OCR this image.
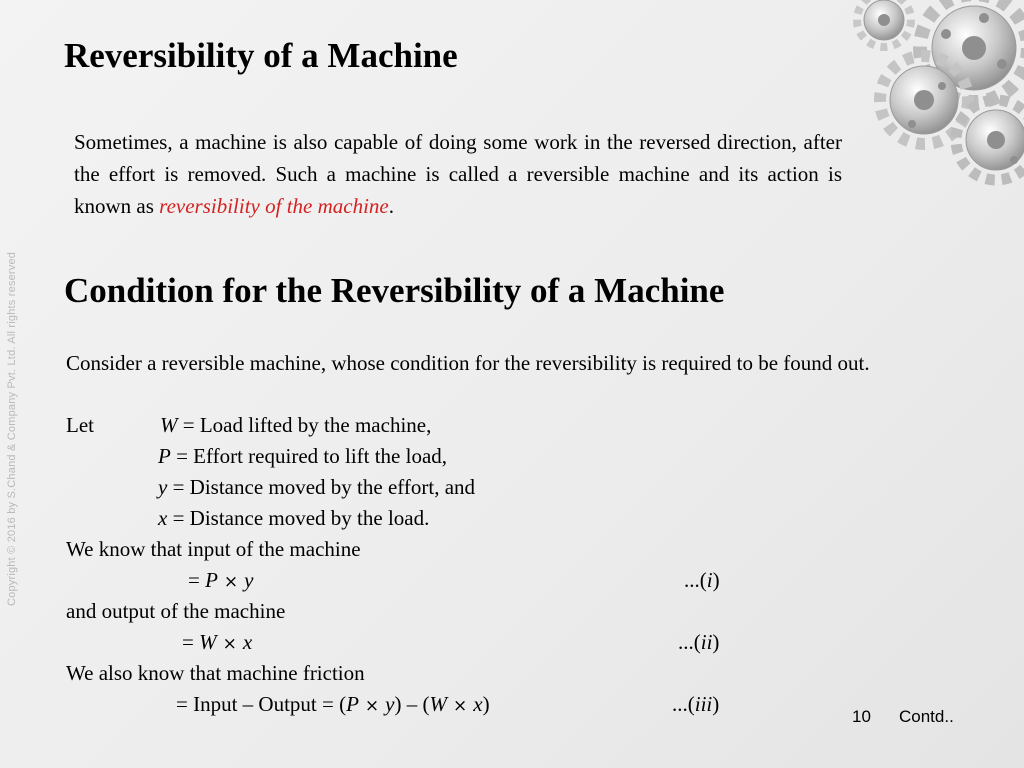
Copyright © 2016 by S.Chand & Company Pvt. Ltd. All rights reserved
Reversibility of a Machine

Sometimes, a machine is also capable of doing some work in the reversed direction, after the effort is removed. Such a machine is called a reversible machine and its action is known as reversibility of the machine.

Condition for the Reversibility of a Machine

Consider a reversible machine, whose condition for the reversibility is required to be found out.

Let	W = Load lifted by the machine,
P = Effort required to lift the load,
y = Distance moved by the effort, and
x = Distance moved by the load.
We know that input of the machine
= P × y	...(i)
and output of the machine
= W × x	...(ii)
We also know that machine friction
= Input – Output = (P × y) – (W × x)	...(iii)
10 Contd..
